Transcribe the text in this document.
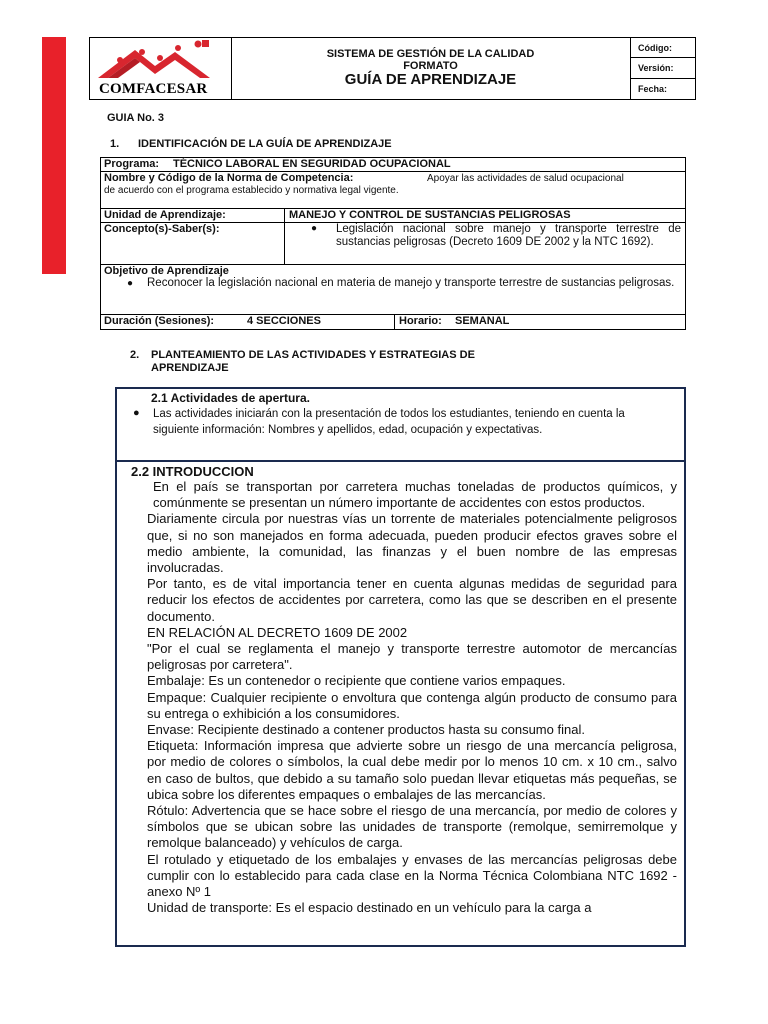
COMFACESAR
SISTEMA DE GESTIÓN DE LA CALIDAD
FORMATO
GUÍA DE APRENDIZAJE
Código:
Versión:
Fecha:
GUIA No. 3
1. IDENTIFICACIÓN DE LA GUÍA DE APRENDIZAJE
Programa: TÉCNICO LABORAL EN SEGURIDAD OCUPACIONAL
Nombre y Código de la Norma de Competencia:	Apoyar las actividades de salud ocupacional
de acuerdo con el programa establecido y normativa legal vigente.
Unidad de Aprendizaje:	MANEJO Y CONTROL DE SUSTANCIAS PELIGROSAS
Concepto(s)-Saber(s):	● Legislación nacional sobre manejo y transporte terrestre de sustancias peligrosas (Decreto 1609 DE 2002 y la NTC 1692).
Objetivo de Aprendizaje
● Reconocer la legislación nacional en materia de manejo y transporte terrestre de sustancias peligrosas.
Duración (Sesiones):	4 SECCIONES	Horario: SEMANAL
2. PLANTEAMIENTO DE LAS ACTIVIDADES Y ESTRATEGIAS DE
APRENDIZAJE
2.1 Actividades de apertura.
● Las actividades iniciarán con la presentación de todos los estudiantes, teniendo en cuenta la siguiente información: Nombres y apellidos, edad, ocupación y expectativas.
2.2 INTRODUCCION

En el país se transportan por carretera muchas toneladas de productos químicos, y comúnmente se presentan un número importante de accidentes con estos productos.

Diariamente circula por nuestras vías un torrente de materiales potencialmente peligrosos que, si no son manejados en forma adecuada, pueden producir efectos graves sobre el medio ambiente, la comunidad, las finanzas y el buen nombre de las empresas involucradas.

Por tanto, es de vital importancia tener en cuenta algunas medidas de seguridad para reducir los efectos de accidentes por carretera, como las que se describen en el presente documento.

EN RELACIÓN AL DECRETO 1609 DE 2002

"Por el cual se reglamenta el manejo y transporte terrestre automotor de mercancías peligrosas por carretera".

Embalaje: Es un contenedor o recipiente que contiene varios empaques.

Empaque: Cualquier recipiente o envoltura que contenga algún producto de consumo para su entrega o exhibición a los consumidores.

Envase: Recipiente destinado a contener productos hasta su consumo final.

Etiqueta: Información impresa que advierte sobre un riesgo de una mercancía peligrosa, por medio de colores o símbolos, la cual debe medir por lo menos 10 cm. x 10 cm., salvo en caso de bultos, que debido a su tamaño solo puedan llevar etiquetas más pequeñas, se ubica sobre los diferentes empaques o embalajes de las mercancías.

Rótulo: Advertencia que se hace sobre el riesgo de una mercancía, por medio de colores y símbolos que se ubican sobre las unidades de transporte (remolque, semirremolque y remolque balanceado) y vehículos de carga.

El rotulado y etiquetado de los embalajes y envases de las mercancías peligrosas debe cumplir con lo establecido para cada clase en la Norma Técnica Colombiana NTC 1692 -anexo Nº 1

Unidad de transporte: Es el espacio destinado en un vehículo para la carga a
